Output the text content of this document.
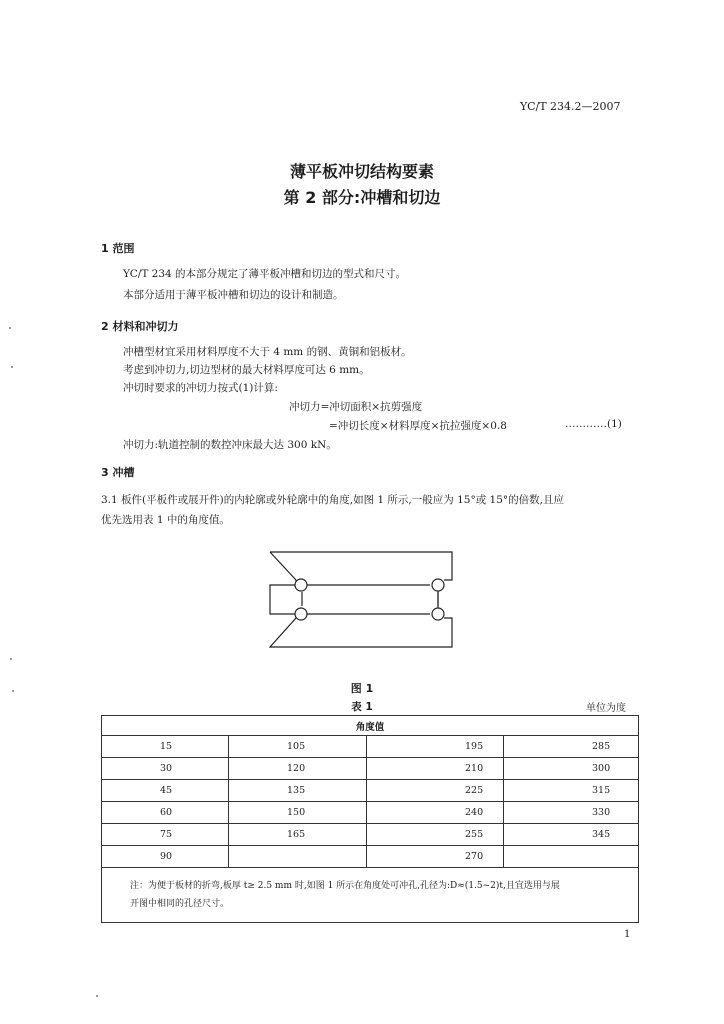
YC/T 234.2—2007
薄平板冲切结构要素
第 2 部分:冲槽和切边
1 范围
YC/T 234 的本部分规定了薄平板冲槽和切边的型式和尺寸。
本部分适用于薄平板冲槽和切边的设计和制造。
2 材料和冲切力
冲槽型材宜采用材料厚度不大于 4 mm 的钢、黄铜和铝板材。
考虑到冲切力,切边型材的最大材料厚度可达 6 mm。
冲切时要求的冲切力按式(1)计算:
冲切力=冲切面积×抗剪强度
=冲切长度×材料厚度×抗拉强度×0.8	…………(1)
冲切力:轨道控制的数控冲床最大达 300 kN。
3 冲槽
3.1 板件(平板件或展开件)的内轮廓或外轮廓中的角度,如图 1 所示,一般应为 15°或 15°的倍数,且应
优先选用表 1 中的角度值。
图 1
表 1	单位为度
角度值			
15	105	195	285
30	120	210	300
45	135	225	315
60	150	240	330
75	165	255	345
90		270	
注：为便于板材的折弯,板厚 t≥ 2.5 mm 时,如图 1 所示在角度处可冲孔,孔径为:D≈(1.5~2)t,且宜选用与展
开图中相同的孔径尺寸。			
1
